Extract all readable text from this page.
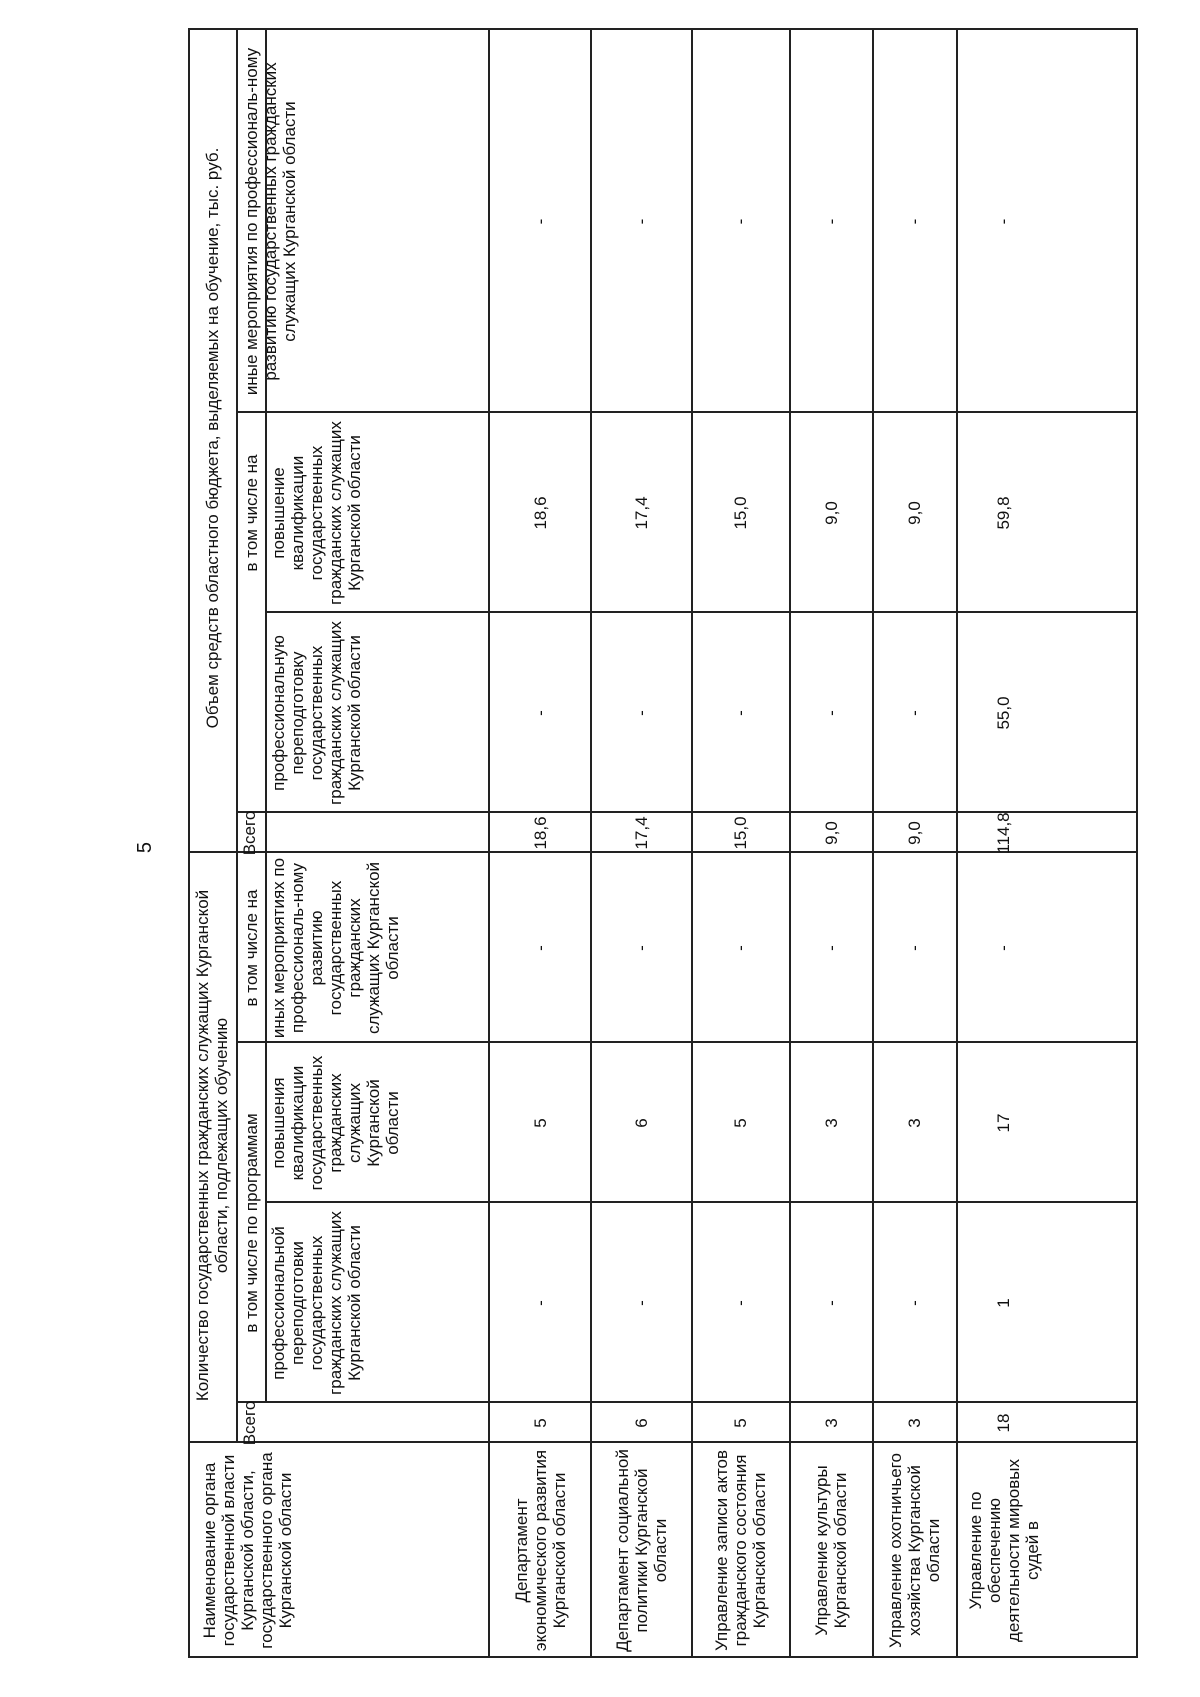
5
Наименование органа государственной власти Курганской области, государственного органа Курганской области
Количество государственных гражданских служащих Курганской области, подлежащих обучению
Объем средств областного бюджета, выделяемых на обучение, тыс. руб.
Всего
в том числе по программам
в том числе на
профессиональной переподготовки государственных гражданских служащих Курганской области
повышения квалификации государственных гражданских служащих Курганской области
иных мероприятиях по профессиональ-ному развитию государственных гражданских служащих Курганской области
Всего
в том числе на
профессиональную переподготовку государственных гражданских служащих Курганской области
повышение квалификации государственных гражданских служащих Курганской области
иные мероприятия по профессиональ-ному развитию государственных гражданских служащих Курганской области
Департамент экономического развития Курганской области
5
-
5
-
18,6
-
18,6
-
Департамент социальной политики Курганской области
6
-
6
-
17,4
-
17,4
-
Управление записи актов гражданского состояния Курганской области
5
-
5
-
15,0
-
15,0
-
Управление культуры Курганской области
3
-
3
-
9,0
-
9,0
-
Управление охотничьего хозяйства Курганской области
3
-
3
-
9,0
-
9,0
-
Управление по обеспечению деятельности мировых судей в
18
1
17
-
114,8
55,0
59,8
-
